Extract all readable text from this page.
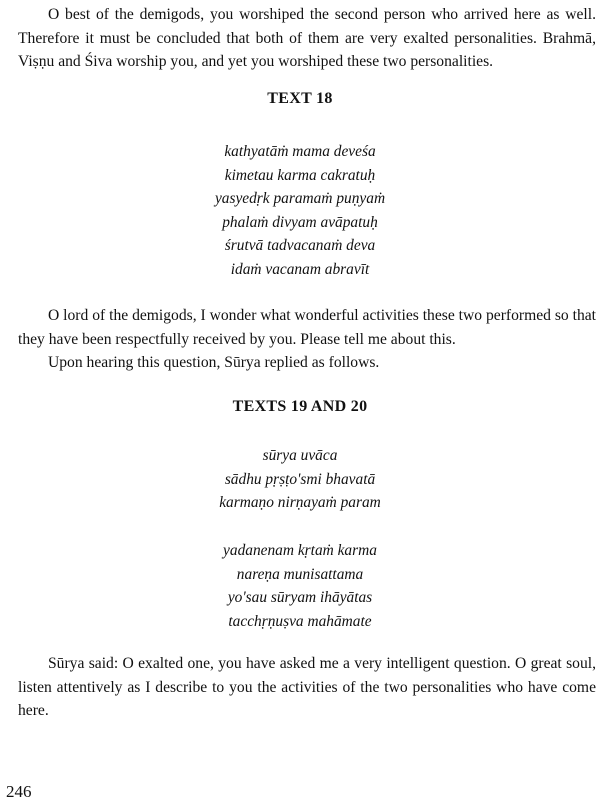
O best of the demigods, you worshiped the second person who arrived here as well. Therefore it must be concluded that both of them are very exalted personalities. Brahmā, Viṣṇu and Śiva worship you, and yet you worshiped these two personalities.

TEXT 18
kathyatāṁ mama deveśa
kimetau karma cakratuḥ
yasyedṛk paramaṁ puṇyaṁ
phalaṁ divyam avāpatuḥ
śrutvā tadvacanaṁ deva
idaṁ vacanam abravīt

O lord of the demigods, I wonder what wonderful activities these two performed so that they have been respectfully received by you. Please tell me about this.

Upon hearing this question, Sūrya replied as follows.

TEXTS 19 AND 20
sūrya uvāca
sādhu pṛṣṭo'smi bhavatā
karmaṇo nirṇayaṁ param
yadanenam kṛtaṁ karma
nareṇa munisattama
yo'sau sūryam ihāyātas
tacchṛṇuṣva mahāmate

Sūrya said: O exalted one, you have asked me a very intelligent question. O great soul, listen attentively as I describe to you the activities of the two personalities who have come here.

246
